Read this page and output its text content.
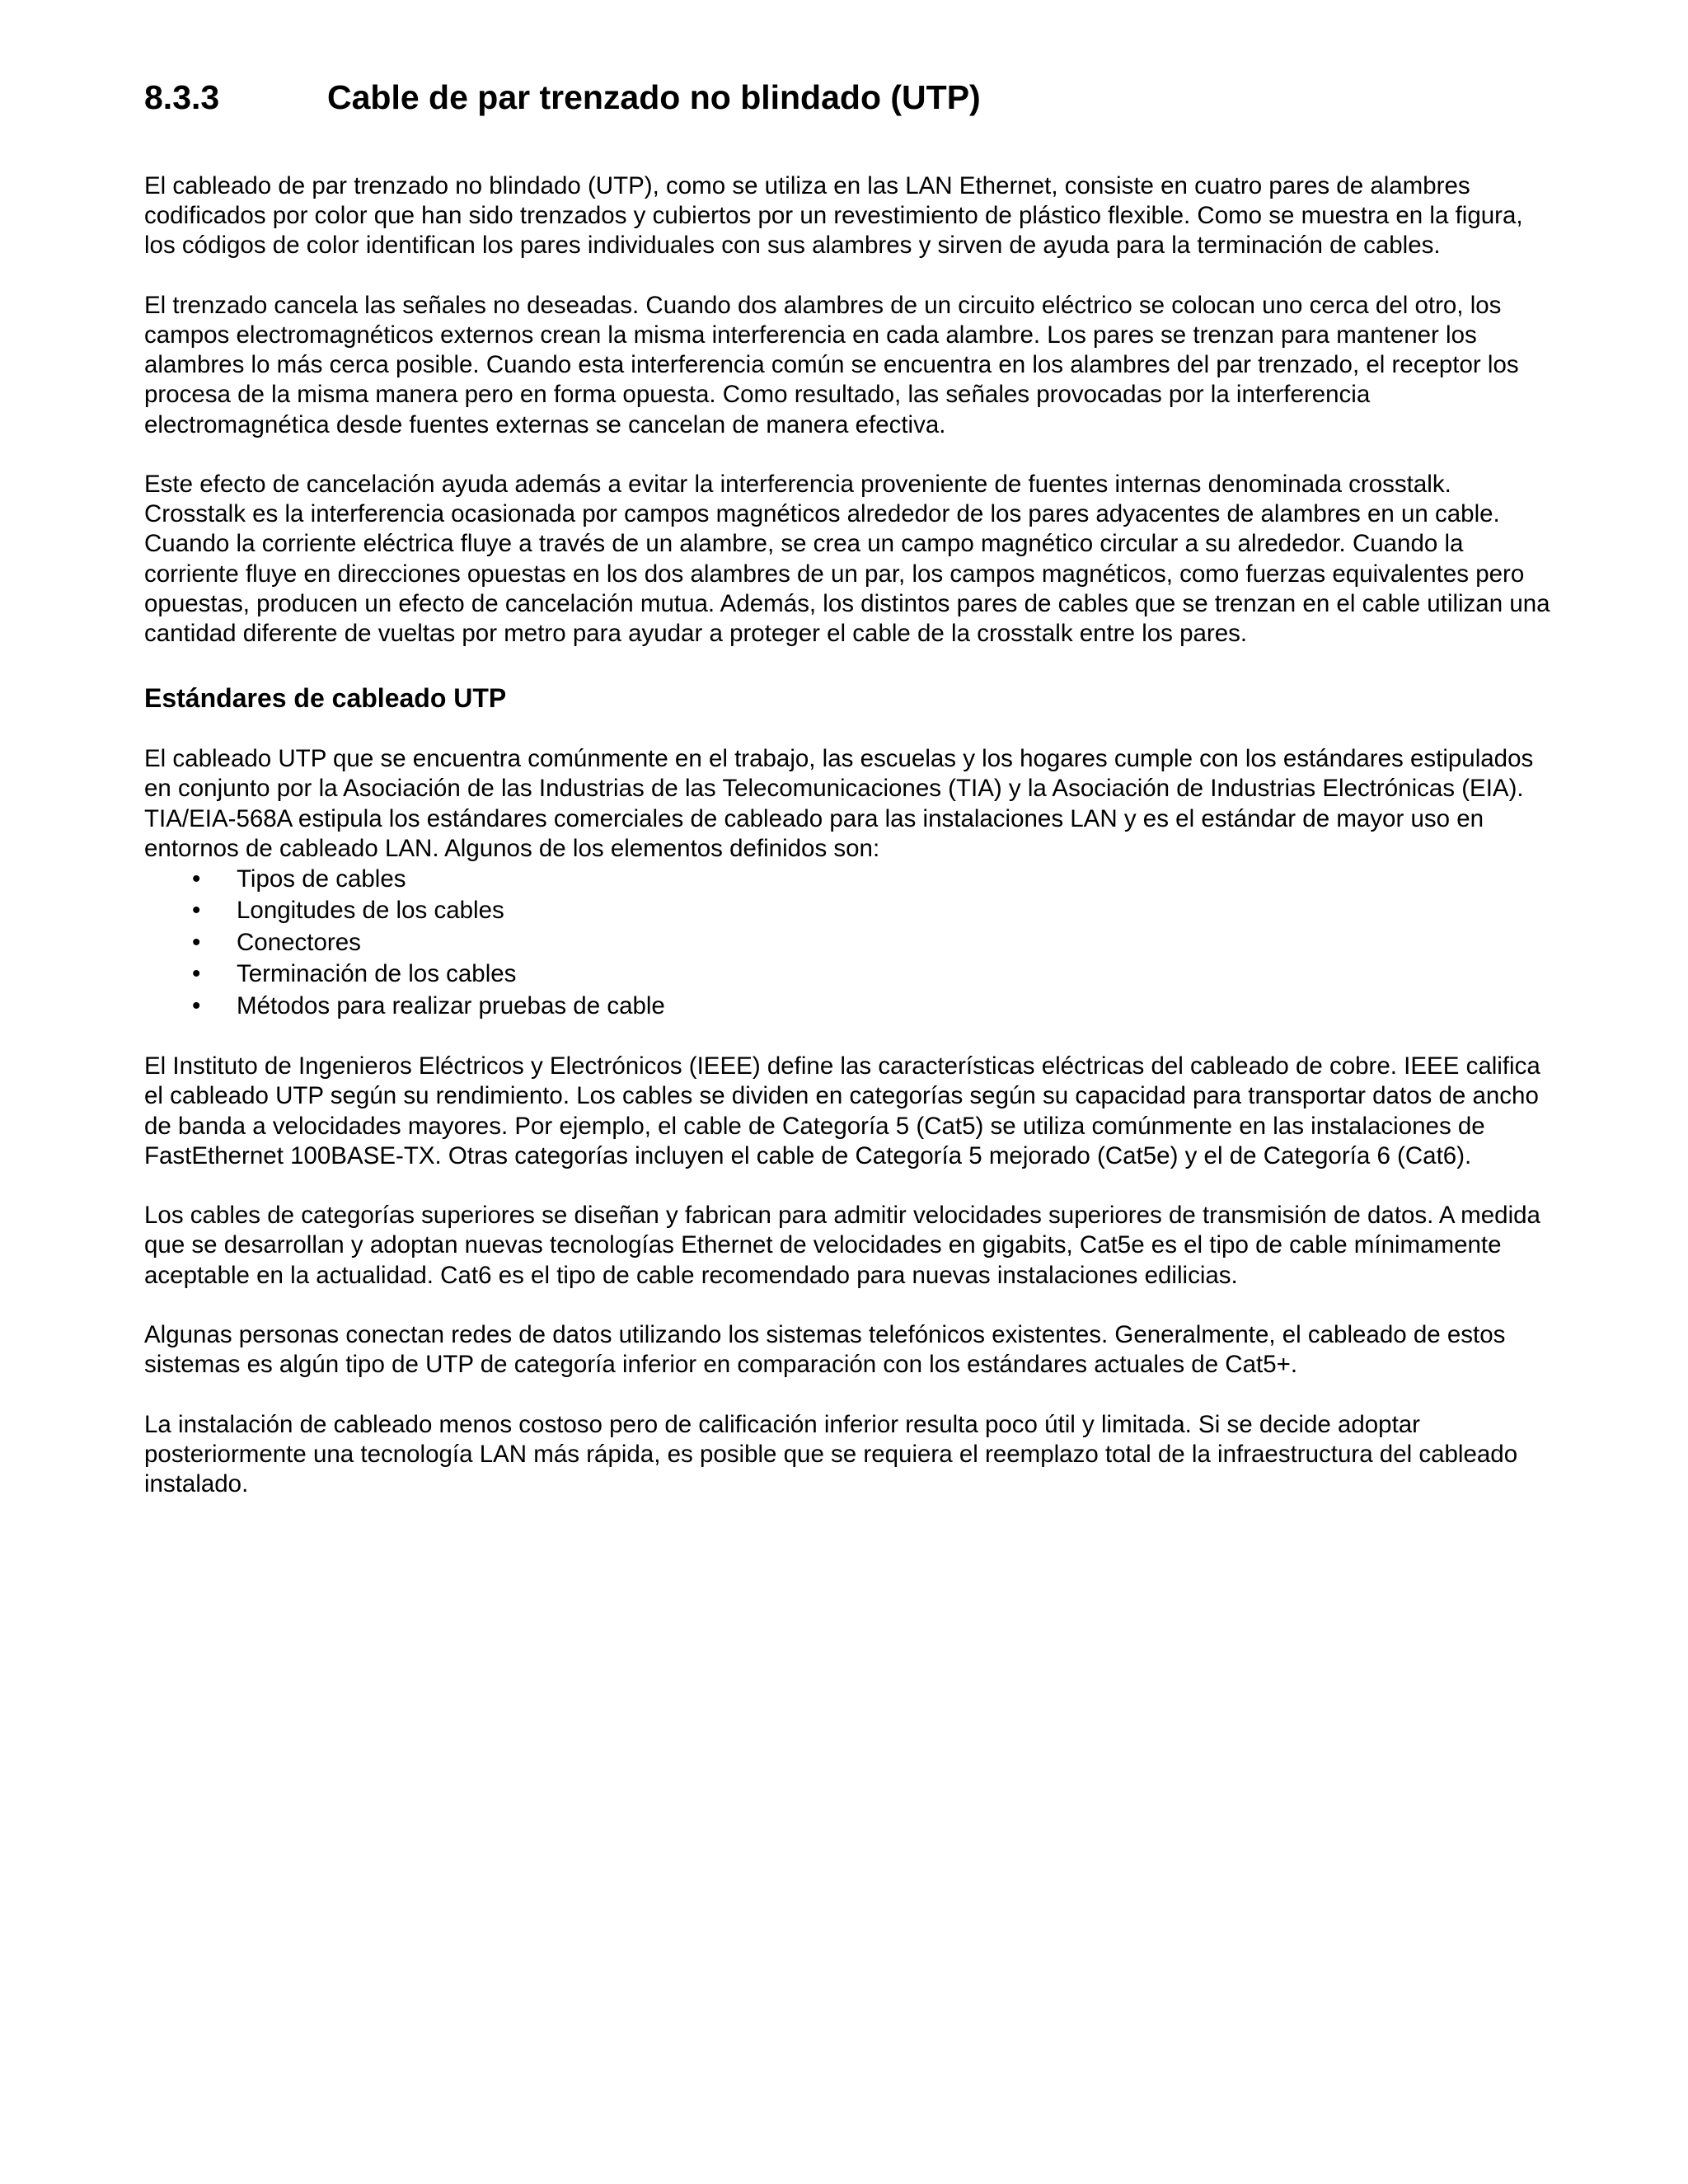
8.3.3	Cable de par trenzado no blindado (UTP)

El cableado de par trenzado no blindado (UTP), como se utiliza en las LAN Ethernet, consiste en cuatro pares de alambres codificados por color que han sido trenzados y cubiertos por un revestimiento de plástico flexible. Como se muestra en la figura, los códigos de color identifican los pares individuales con sus alambres y sirven de ayuda para la terminación de cables.

El trenzado cancela las señales no deseadas. Cuando dos alambres de un circuito eléctrico se colocan uno cerca del otro, los campos electromagnéticos externos crean la misma interferencia en cada alambre. Los pares se trenzan para mantener los alambres lo más cerca posible. Cuando esta interferencia común se encuentra en los alambres del par trenzado, el receptor los procesa de la misma manera pero en forma opuesta. Como resultado, las señales provocadas por la interferencia electromagnética desde fuentes externas se cancelan de manera efectiva.

Este efecto de cancelación ayuda además a evitar la interferencia proveniente de fuentes internas denominada crosstalk. Crosstalk es la interferencia ocasionada por campos magnéticos alrededor de los pares adyacentes de alambres en un cable. Cuando la corriente eléctrica fluye a través de un alambre, se crea un campo magnético circular a su alrededor. Cuando la corriente fluye en direcciones opuestas en los dos alambres de un par, los campos magnéticos, como fuerzas equivalentes pero opuestas, producen un efecto de cancelación mutua. Además, los distintos pares de cables que se trenzan en el cable utilizan una cantidad diferente de vueltas por metro para ayudar a proteger el cable de la crosstalk entre los pares.

Estándares de cableado UTP

El cableado UTP que se encuentra comúnmente en el trabajo, las escuelas y los hogares cumple con los estándares estipulados en conjunto por la Asociación de las Industrias de las Telecomunicaciones (TIA) y la Asociación de Industrias Electrónicas (EIA). TIA/EIA-568A estipula los estándares comerciales de cableado para las instalaciones LAN y es el estándar de mayor uso en entornos de cableado LAN. Algunos de los elementos definidos son:

• Tipos de cables
• Longitudes de los cables
• Conectores
• Terminación de los cables
• Métodos para realizar pruebas de cable

El Instituto de Ingenieros Eléctricos y Electrónicos (IEEE) define las características eléctricas del cableado de cobre. IEEE califica el cableado UTP según su rendimiento. Los cables se dividen en categorías según su capacidad para transportar datos de ancho de banda a velocidades mayores. Por ejemplo, el cable de Categoría 5 (Cat5) se utiliza comúnmente en las instalaciones de FastEthernet 100BASE-TX. Otras categorías incluyen el cable de Categoría 5 mejorado (Cat5e) y el de Categoría 6 (Cat6).

Los cables de categorías superiores se diseñan y fabrican para admitir velocidades superiores de transmisión de datos. A medida que se desarrollan y adoptan nuevas tecnologías Ethernet de velocidades en gigabits, Cat5e es el tipo de cable mínimamente aceptable en la actualidad. Cat6 es el tipo de cable recomendado para nuevas instalaciones edilicias.

Algunas personas conectan redes de datos utilizando los sistemas telefónicos existentes. Generalmente, el cableado de estos sistemas es algún tipo de UTP de categoría inferior en comparación con los estándares actuales de Cat5+.

La instalación de cableado menos costoso pero de calificación inferior resulta poco útil y limitada. Si se decide adoptar posteriormente una tecnología LAN más rápida, es posible que se requiera el reemplazo total de la infraestructura del cableado instalado.
